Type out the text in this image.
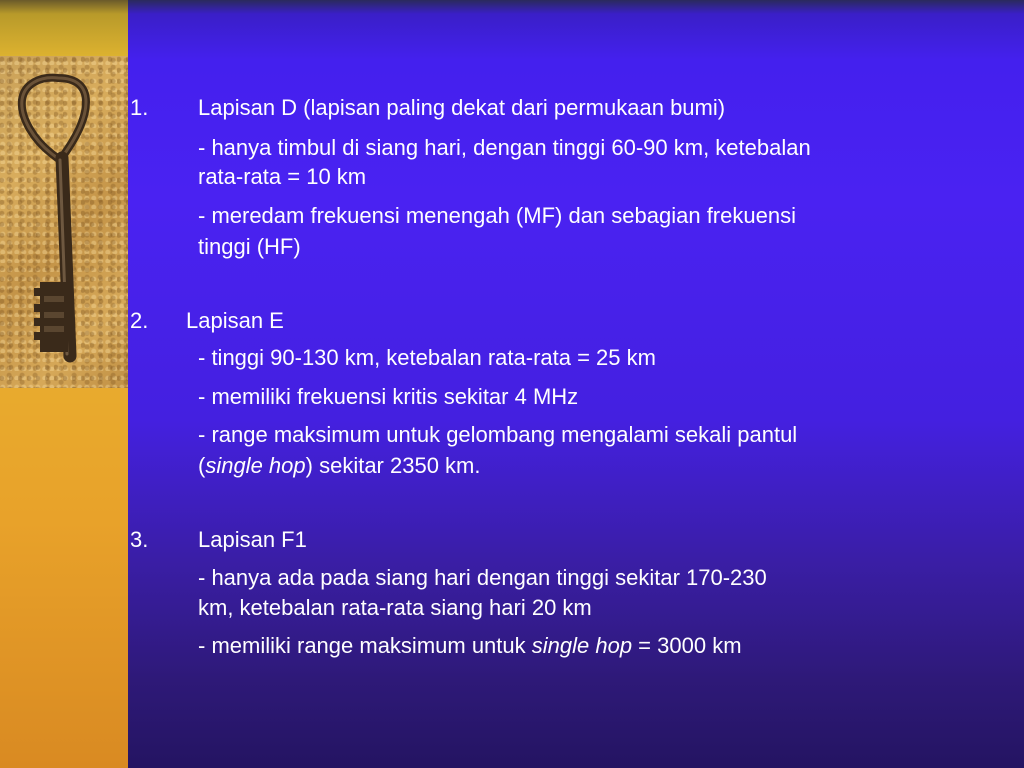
1. Lapisan D (lapisan paling dekat dari permukaan bumi)
- hanya timbul di siang hari, dengan tinggi 60-90 km, ketebalan
rata-rata = 10 km
- meredam frekuensi menengah (MF) dan sebagian frekuensi
tinggi (HF)
2. Lapisan E
- tinggi 90-130 km, ketebalan rata-rata = 25 km
- memiliki frekuensi kritis sekitar 4 MHz
- range maksimum untuk gelombang mengalami sekali pantul
(single hop) sekitar 2350 km.
3. Lapisan F1
- hanya ada pada siang hari dengan tinggi sekitar 170-230
km, ketebalan rata-rata siang hari 20 km
- memiliki range maksimum untuk single hop = 3000 km
